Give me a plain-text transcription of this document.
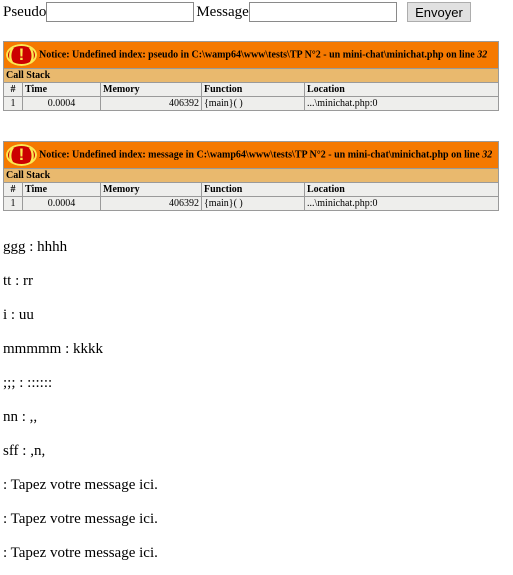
Pseudo	Message	Envoyer
( ! ) Notice: Undefined index: pseudo in C:\wamp64\www\tests\TP N°2 - un mini-chat\minichat.php on line 32				
Call Stack				
#	Time	Memory	Function	Location
1	0.0004	406392	{main}( )	...\minichat.php:0
( ! ) Notice: Undefined index: message in C:\wamp64\www\tests\TP N°2 - un mini-chat\minichat.php on line 32				
Call Stack				
#	Time	Memory	Function	Location
1	0.0004	406392	{main}( )	...\minichat.php:0
ggg : hhhh
tt : rr
i : uu
mmmmm : kkkk
;;; : ::::::
nn : ,,
sff : ,n,
: Tapez votre message ici.
: Tapez votre message ici.
: Tapez votre message ici.
